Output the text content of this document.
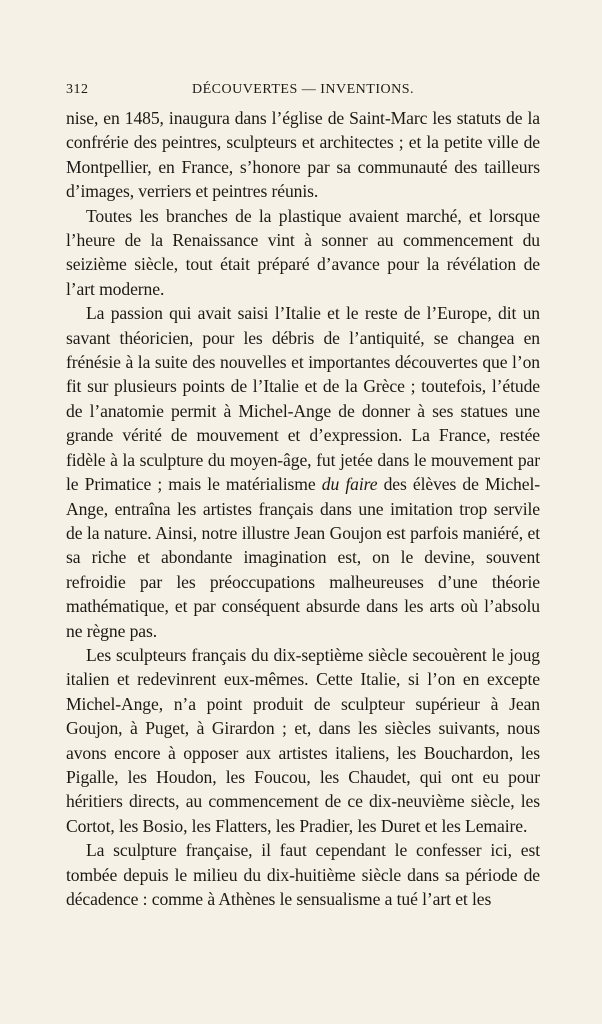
312	DÉCOUVERTES — INVENTIONS.

nise, en 1485, inaugura dans l’église de Saint-Marc les statuts de la confrérie des peintres, sculpteurs et architectes ; et la petite ville de Montpellier, en France, s’honore par sa communauté des tailleurs d’images, verriers et peintres réunis.

Toutes les branches de la plastique avaient marché, et lorsque l’heure de la Renaissance vint à sonner au commencement du seizième siècle, tout était préparé d’avance pour la révélation de l’art moderne.

La passion qui avait saisi l’Italie et le reste de l’Europe, dit un savant théoricien, pour les débris de l’antiquité, se changea en frénésie à la suite des nouvelles et importantes découvertes que l’on fit sur plusieurs points de l’Italie et de la Grèce ; toutefois, l’étude de l’anatomie permit à Michel-Ange de donner à ses statues une grande vérité de mouvement et d’expression. La France, restée fidèle à la sculpture du moyen-âge, fut jetée dans le mouvement par le Primatice ; mais le matérialisme du faire des élèves de Michel-Ange, entraîna les artistes français dans une imitation trop servile de la nature. Ainsi, notre illustre Jean Goujon est parfois maniéré, et sa riche et abondante imagination est, on le devine, souvent refroidie par les préoccupations malheureuses d’une théorie mathématique, et par conséquent absurde dans les arts où l’absolu ne règne pas.

Les sculpteurs français du dix-septième siècle secouèrent le joug italien et redevinrent eux-mêmes. Cette Italie, si l’on en excepte Michel-Ange, n’a point produit de sculpteur supérieur à Jean Goujon, à Puget, à Girardon ; et, dans les siècles suivants, nous avons encore à opposer aux artistes italiens, les Bouchardon, les Pigalle, les Houdon, les Foucou, les Chaudet, qui ont eu pour héritiers directs, au commencement de ce dix-neuvième siècle, les Cortot, les Bosio, les Flatters, les Pradier, les Duret et les Lemaire.

La sculpture française, il faut cependant le confesser ici, est tombée depuis le milieu du dix-huitième siècle dans sa période de décadence : comme à Athènes le sensualisme a tué l’art et les
